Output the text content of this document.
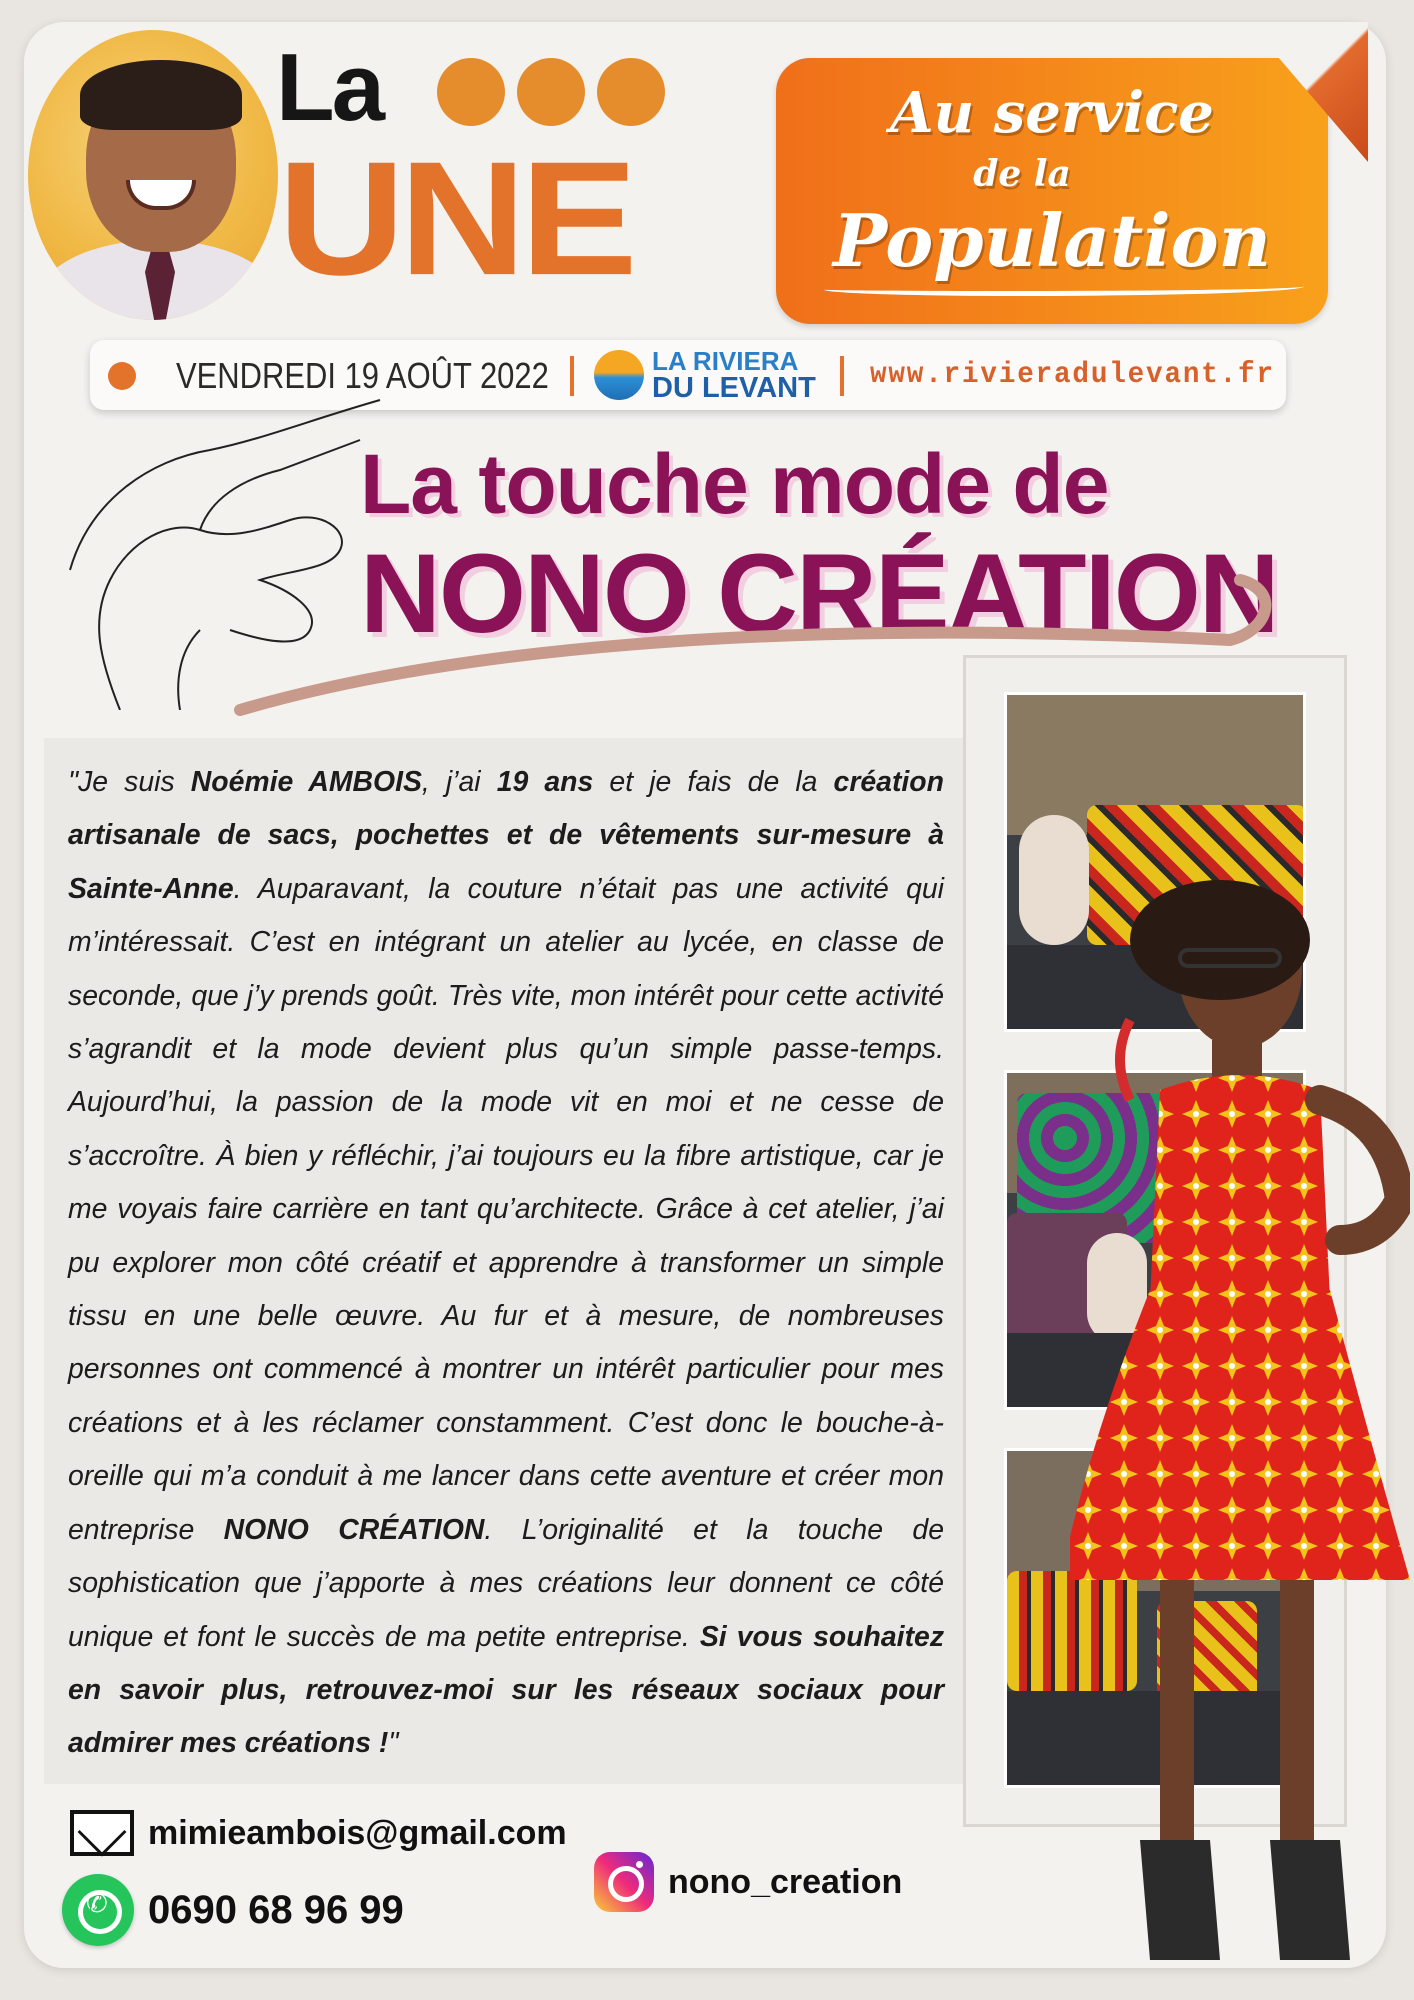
La
UNE
Au service
de la
Population
VENDREDI 19 AOÛT 2022	LA RIVIERA
DU LEVANT www.rivieradulevant.fr
La touche mode de
NONO CRÉATION

"Je suis Noémie AMBOIS, j’ai 19 ans et je fais de la création artisanale de sacs, pochettes et de vêtements sur-mesure à Sainte-Anne. Auparavant, la couture n’était pas une activité qui m’intéressait. C’est en intégrant un atelier au lycée, en classe de seconde, que j’y prends goût. Très vite, mon intérêt pour cette activité s’agrandit et la mode devient plus qu’un simple passe-temps. Aujourd’hui, la passion de la mode vit en moi et ne cesse de s’accroître. À bien y réfléchir, j’ai toujours eu la fibre artistique, car je me voyais faire carrière en tant qu’architecte. Grâce à cet atelier, j’ai pu explorer mon côté créatif et apprendre à transformer un simple tissu en une belle œuvre. Au fur et à mesure, de nombreuses personnes ont commencé à montrer un intérêt particulier pour mes créations et à les réclamer constamment. C’est donc le bouche-à-oreille qui m’a conduit à me lancer dans cette aventure et créer mon entreprise NONO CRÉATION. L’originalité et la touche de sophistication que j’apporte à mes créations leur donnent ce côté unique et font le succès de ma petite entreprise. Si vous souhaitez en savoir plus, retrouvez-moi sur les réseaux sociaux pour admirer mes créations !"

mimieambois@gmail.com
✆
0690 68 96 99
nono_creation
